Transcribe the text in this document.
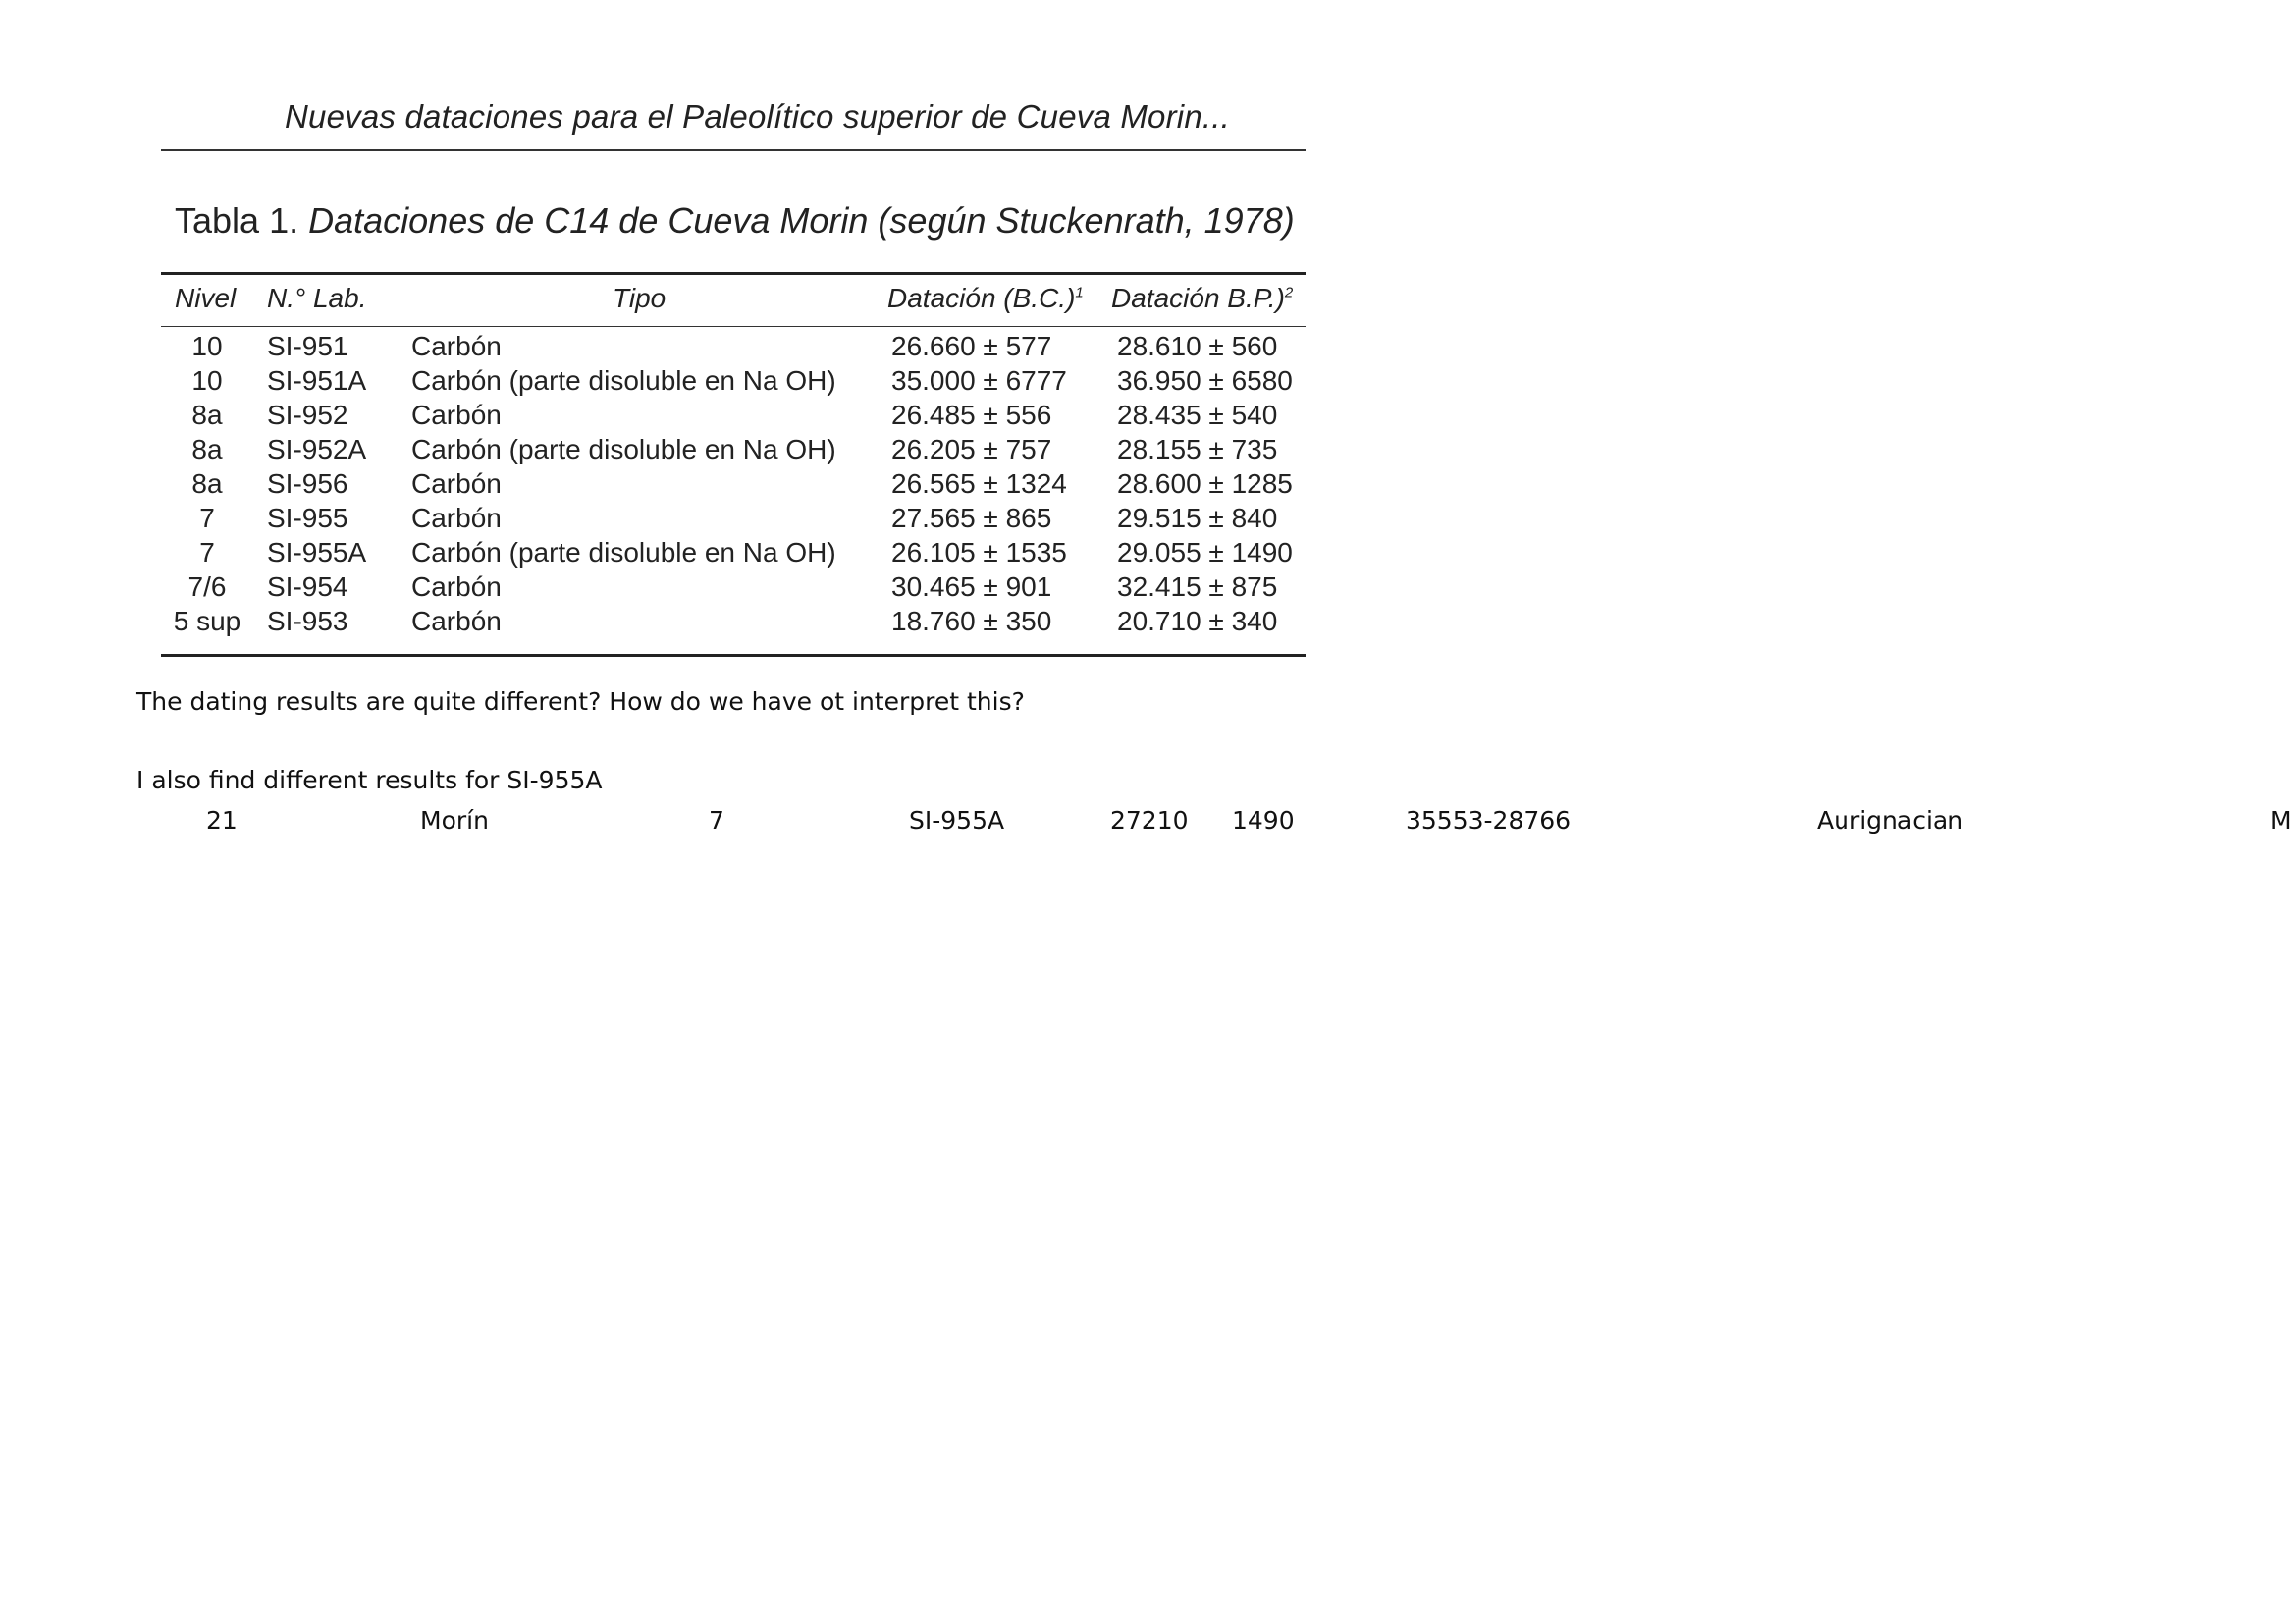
Nuevas dataciones para el Paleolítico superior de Cueva Morin...
Tabla 1. Dataciones de C14 de Cueva Morin (según Stuckenrath, 1978)
Nivel N.° Lab.	Tipo	Datación $(B.C.)^1$ Datación B.P.)$^2$
10	SI-951 Carbón	26.660 ± 577 28.610 ± 560
10	SI-951A Carbón (parte disoluble en Na OH) 35.000 ± 6777 36.950 ± 6580
8a	SI-952 Carbón	26.485 ± 556 28.435 ± 540
8a	SI-952A Carbón (parte disoluble en Na OH) 26.205 ± 757 28.155 ± 735
8a	SI-956 Carbón	26.565 ± 1324 28.600 ± 1285
7	SI-955 Carbón	27.565 ± 865 29.515 ± 840
7	SI-955A Carbón (parte disoluble en Na OH) 26.105 ± 1535 29.055 ± 1490
7/6	SI-954 Carbón	30.465 ± 901 32.415 ± 875
5 sup SI-953 Carbón	18.760 ± 350 20.710 ± 340
The dating results are quite different? How do we have ot interpret this?
I also find different results for SI-955A
21	Morín	7	SI-955A	27210 1490	35553-28766	Aurignacian	M
